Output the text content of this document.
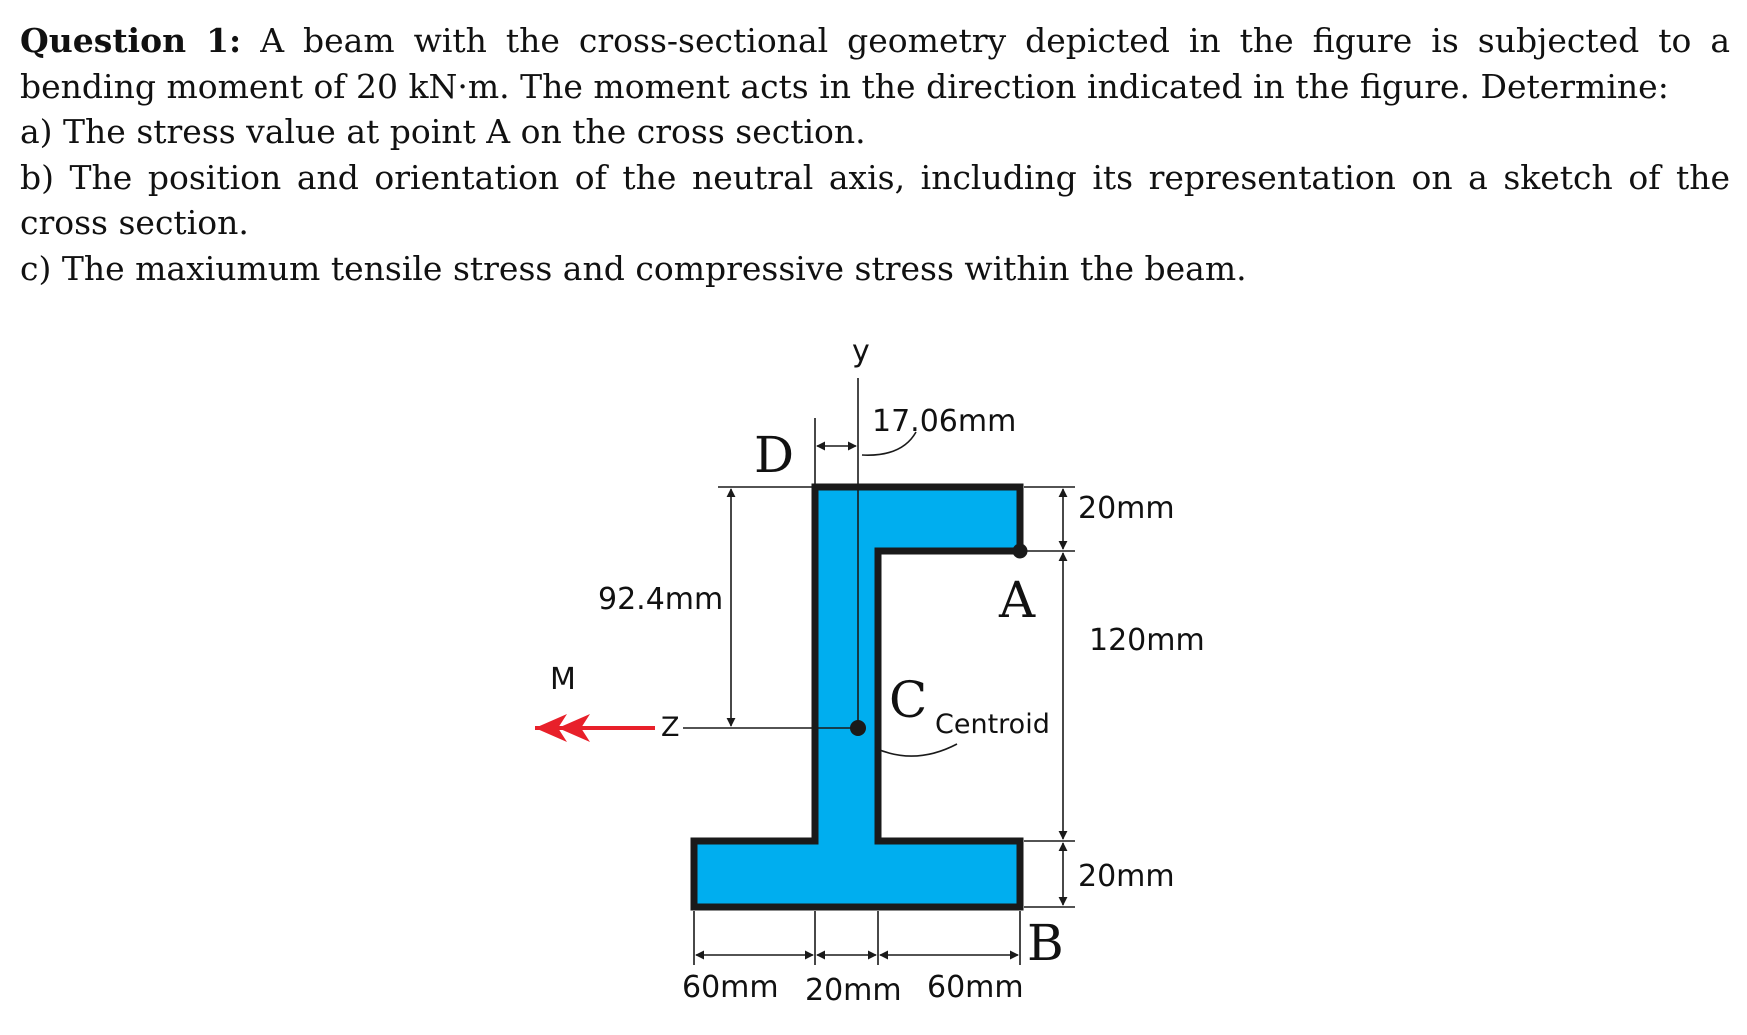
Question 1: A beam with the cross-sectional geometry depicted in the figure is subjected to a bending moment of 20 kN·m. The moment acts in the direction indicated in the figure. Determine:

a) The stress value at point A on the cross section.

b) The position and orientation of the neutral axis, including its representation on a sketch of the cross section.

c) The maxiumum tensile stress and compressive stress within the beam.

y
Z
M	C Centroid
A
D
17.06mm
92.4mm
20mm
120mm
20mm
60mm 20mm 60mm
B
